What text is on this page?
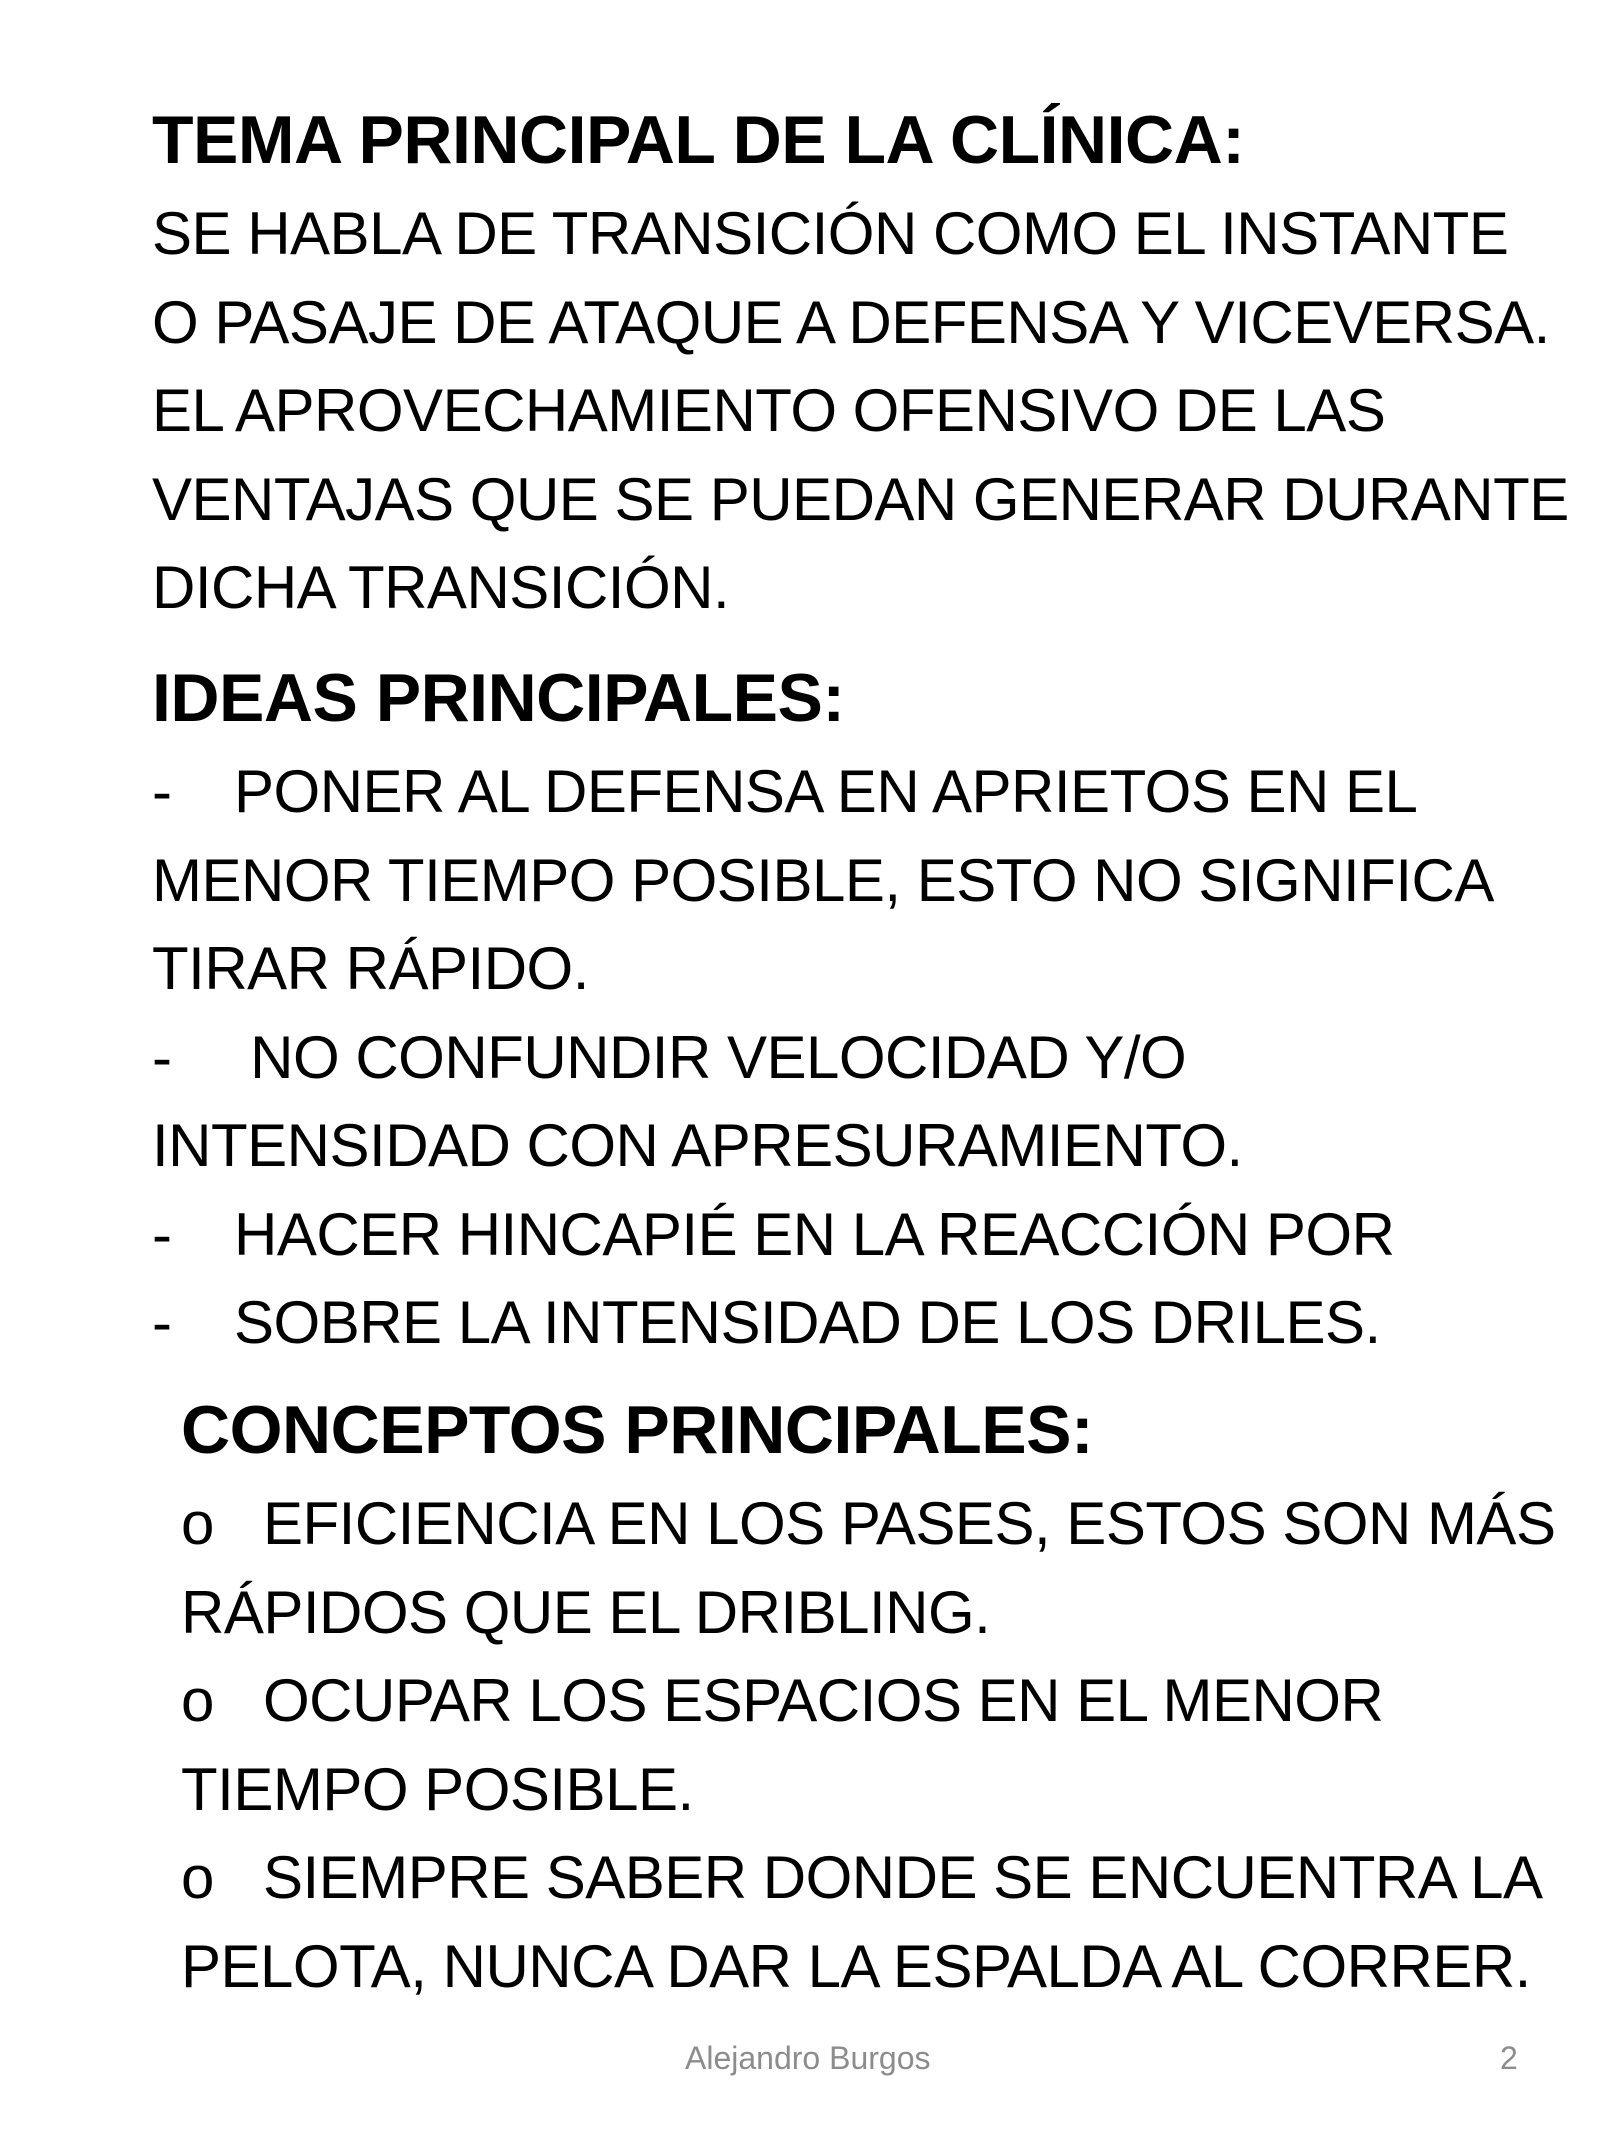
TEMA PRINCIPAL DE LA CLÍNICA:
SE HABLA DE TRANSICIÓN COMO EL INSTANTE
O PASAJE DE ATAQUE A DEFENSA Y VICEVERSA.
EL APROVECHAMIENTO OFENSIVO DE LAS
VENTAJAS QUE SE PUEDAN GENERAR DURANTE
DICHA TRANSICIÓN.
IDEAS PRINCIPALES:
- PONER AL DEFENSA EN APRIETOS EN EL
MENOR TIEMPO POSIBLE, ESTO NO SIGNIFICA
TIRAR RÁPIDO.
- NO CONFUNDIR VELOCIDAD Y/O
INTENSIDAD CON APRESURAMIENTO.
- HACER HINCAPIÉ EN LA REACCIÓN POR
- SOBRE LA INTENSIDAD DE LOS DRILES.
CONCEPTOS PRINCIPALES:
o EFICIENCIA EN LOS PASES, ESTOS SON MÁS
RÁPIDOS QUE EL DRIBLING.
o OCUPAR LOS ESPACIOS EN EL MENOR
TIEMPO POSIBLE.
o SIEMPRE SABER DONDE SE ENCUENTRA LA
PELOTA, NUNCA DAR LA ESPALDA AL CORRER.
Alejandro Burgos	2
